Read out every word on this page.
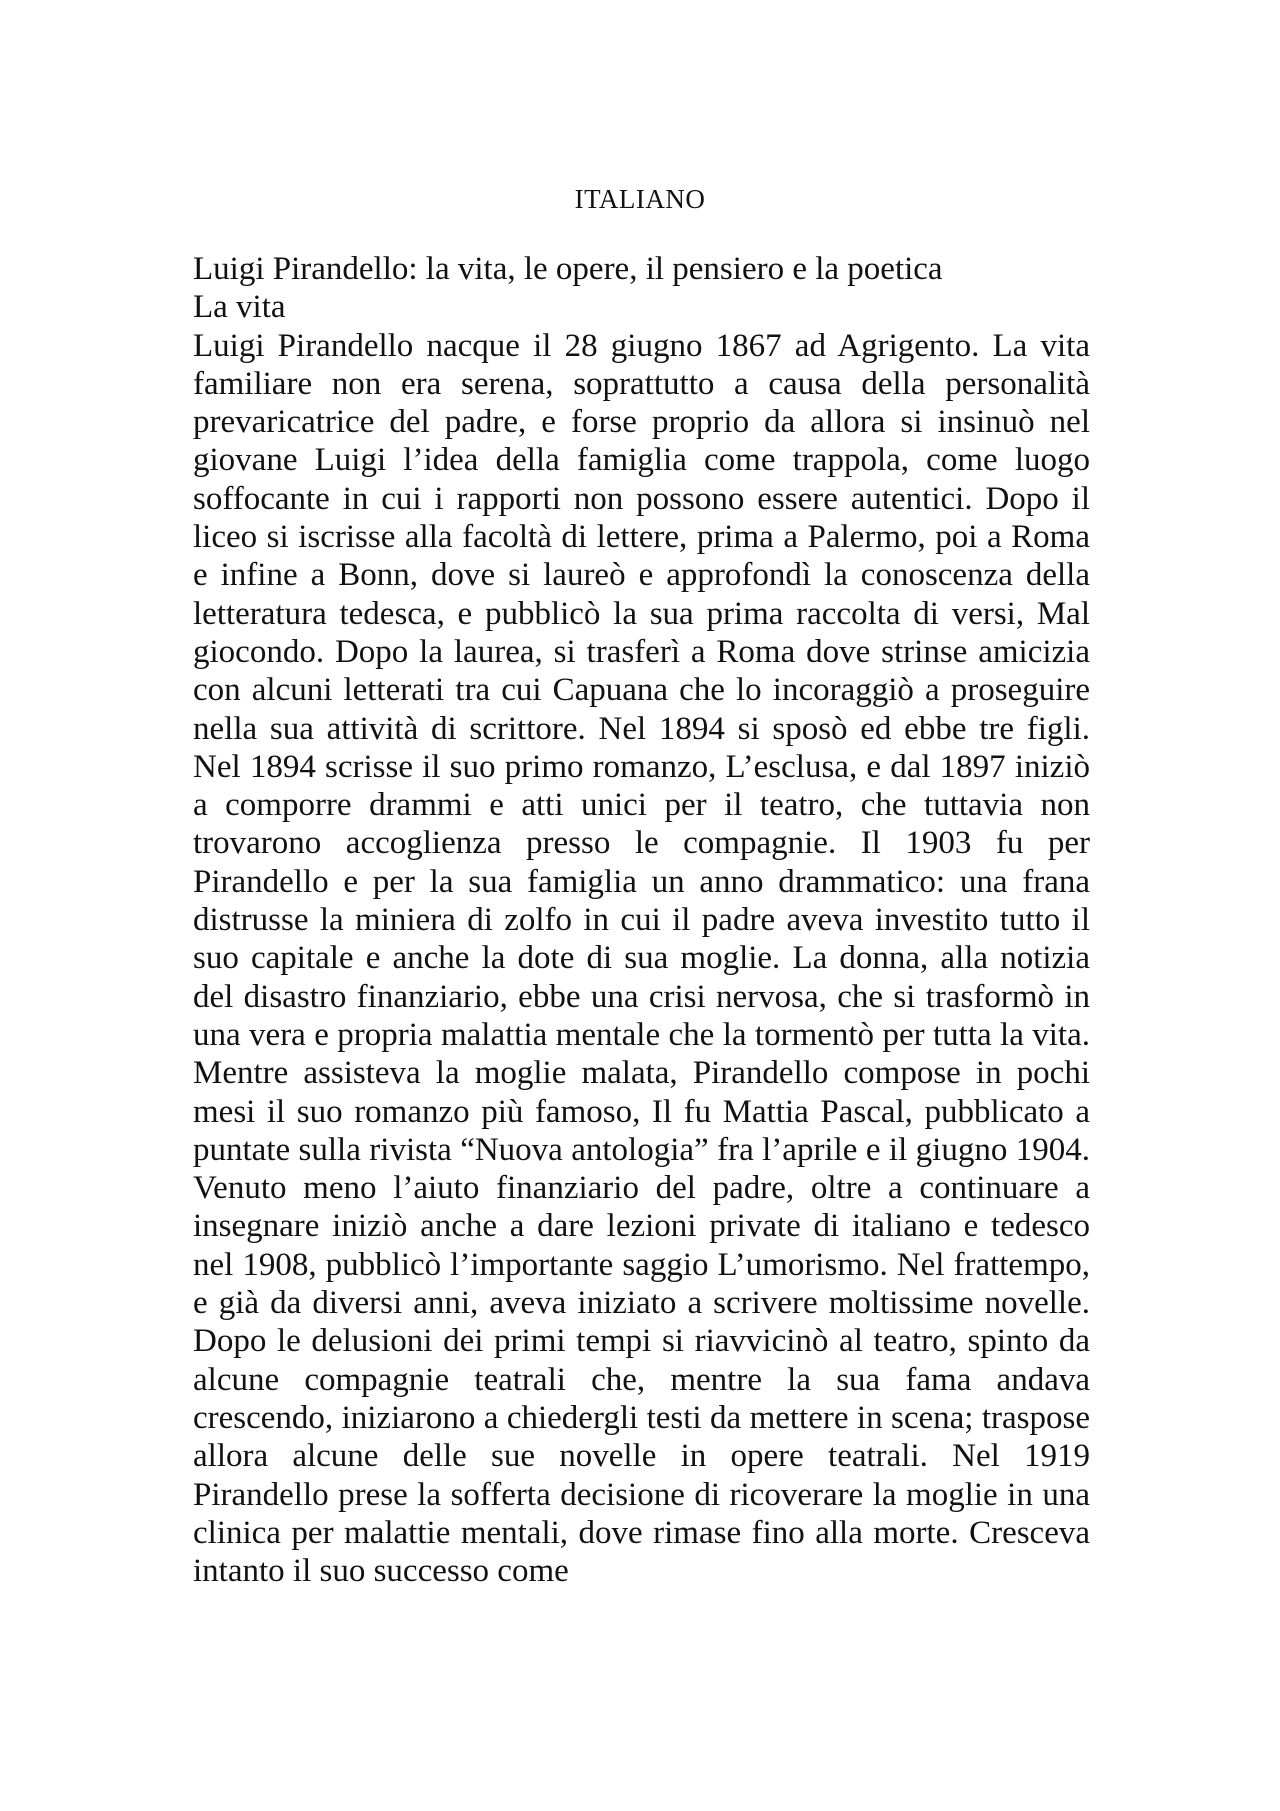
ITALIANO

Luigi Pirandello: la vita, le opere, il pensiero e la poetica

La vita

Luigi Pirandello nacque il 28 giugno 1867 ad Agrigento. La vita familiare non era serena, soprattutto a causa della personalità prevaricatrice del padre, e forse proprio da allora si insinuò nel giovane Luigi l’idea della famiglia come trappola, come luogo soffocante in cui i rapporti non possono essere autentici. Dopo il liceo si iscrisse alla facoltà di lettere, prima a Palermo, poi a Roma e infine a Bonn, dove si laureò e approfondì la conoscenza della letteratura tedesca, e pubblicò la sua prima raccolta di versi, Mal giocondo. Dopo la laurea, si trasferì a Roma dove strinse amicizia con alcuni letterati tra cui Capuana che lo incoraggiò a proseguire nella sua attività di scrittore. Nel 1894 si sposò ed ebbe tre figli. Nel 1894 scrisse il suo primo romanzo, L’esclusa, e dal 1897 iniziò a comporre drammi e atti unici per il teatro, che tuttavia non trovarono accoglienza presso le compagnie. Il 1903 fu per Pirandello e per la sua famiglia un anno drammatico: una frana distrusse la miniera di zolfo in cui il padre aveva investito tutto il suo capitale e anche la dote di sua moglie. La donna, alla notizia del disastro finanziario, ebbe una crisi nervosa, che si trasformò in una vera e propria malattia mentale che la tormentò per tutta la vita. Mentre assisteva la moglie malata, Pirandello compose in pochi mesi il suo romanzo più famoso, Il fu Mattia Pascal, pubblicato a puntate sulla rivista “Nuova antologia” fra l’aprile e il giugno 1904. Venuto meno l’aiuto finanziario del padre, oltre a continuare a insegnare iniziò anche a dare lezioni private di italiano e tedesco nel 1908, pubblicò l’importante saggio L’umorismo. Nel frattempo, e già da diversi anni, aveva iniziato a scrivere moltissime novelle. Dopo le delusioni dei primi tempi si riavvicinò al teatro, spinto da alcune compagnie teatrali che, mentre la sua fama andava crescendo, iniziarono a chiedergli testi da mettere in scena; traspose allora alcune delle sue novelle in opere teatrali. Nel 1919 Pirandello prese la sofferta decisione di ricoverare la moglie in una clinica per malattie mentali, dove rimase fino alla morte. Cresceva intanto il suo successo come
